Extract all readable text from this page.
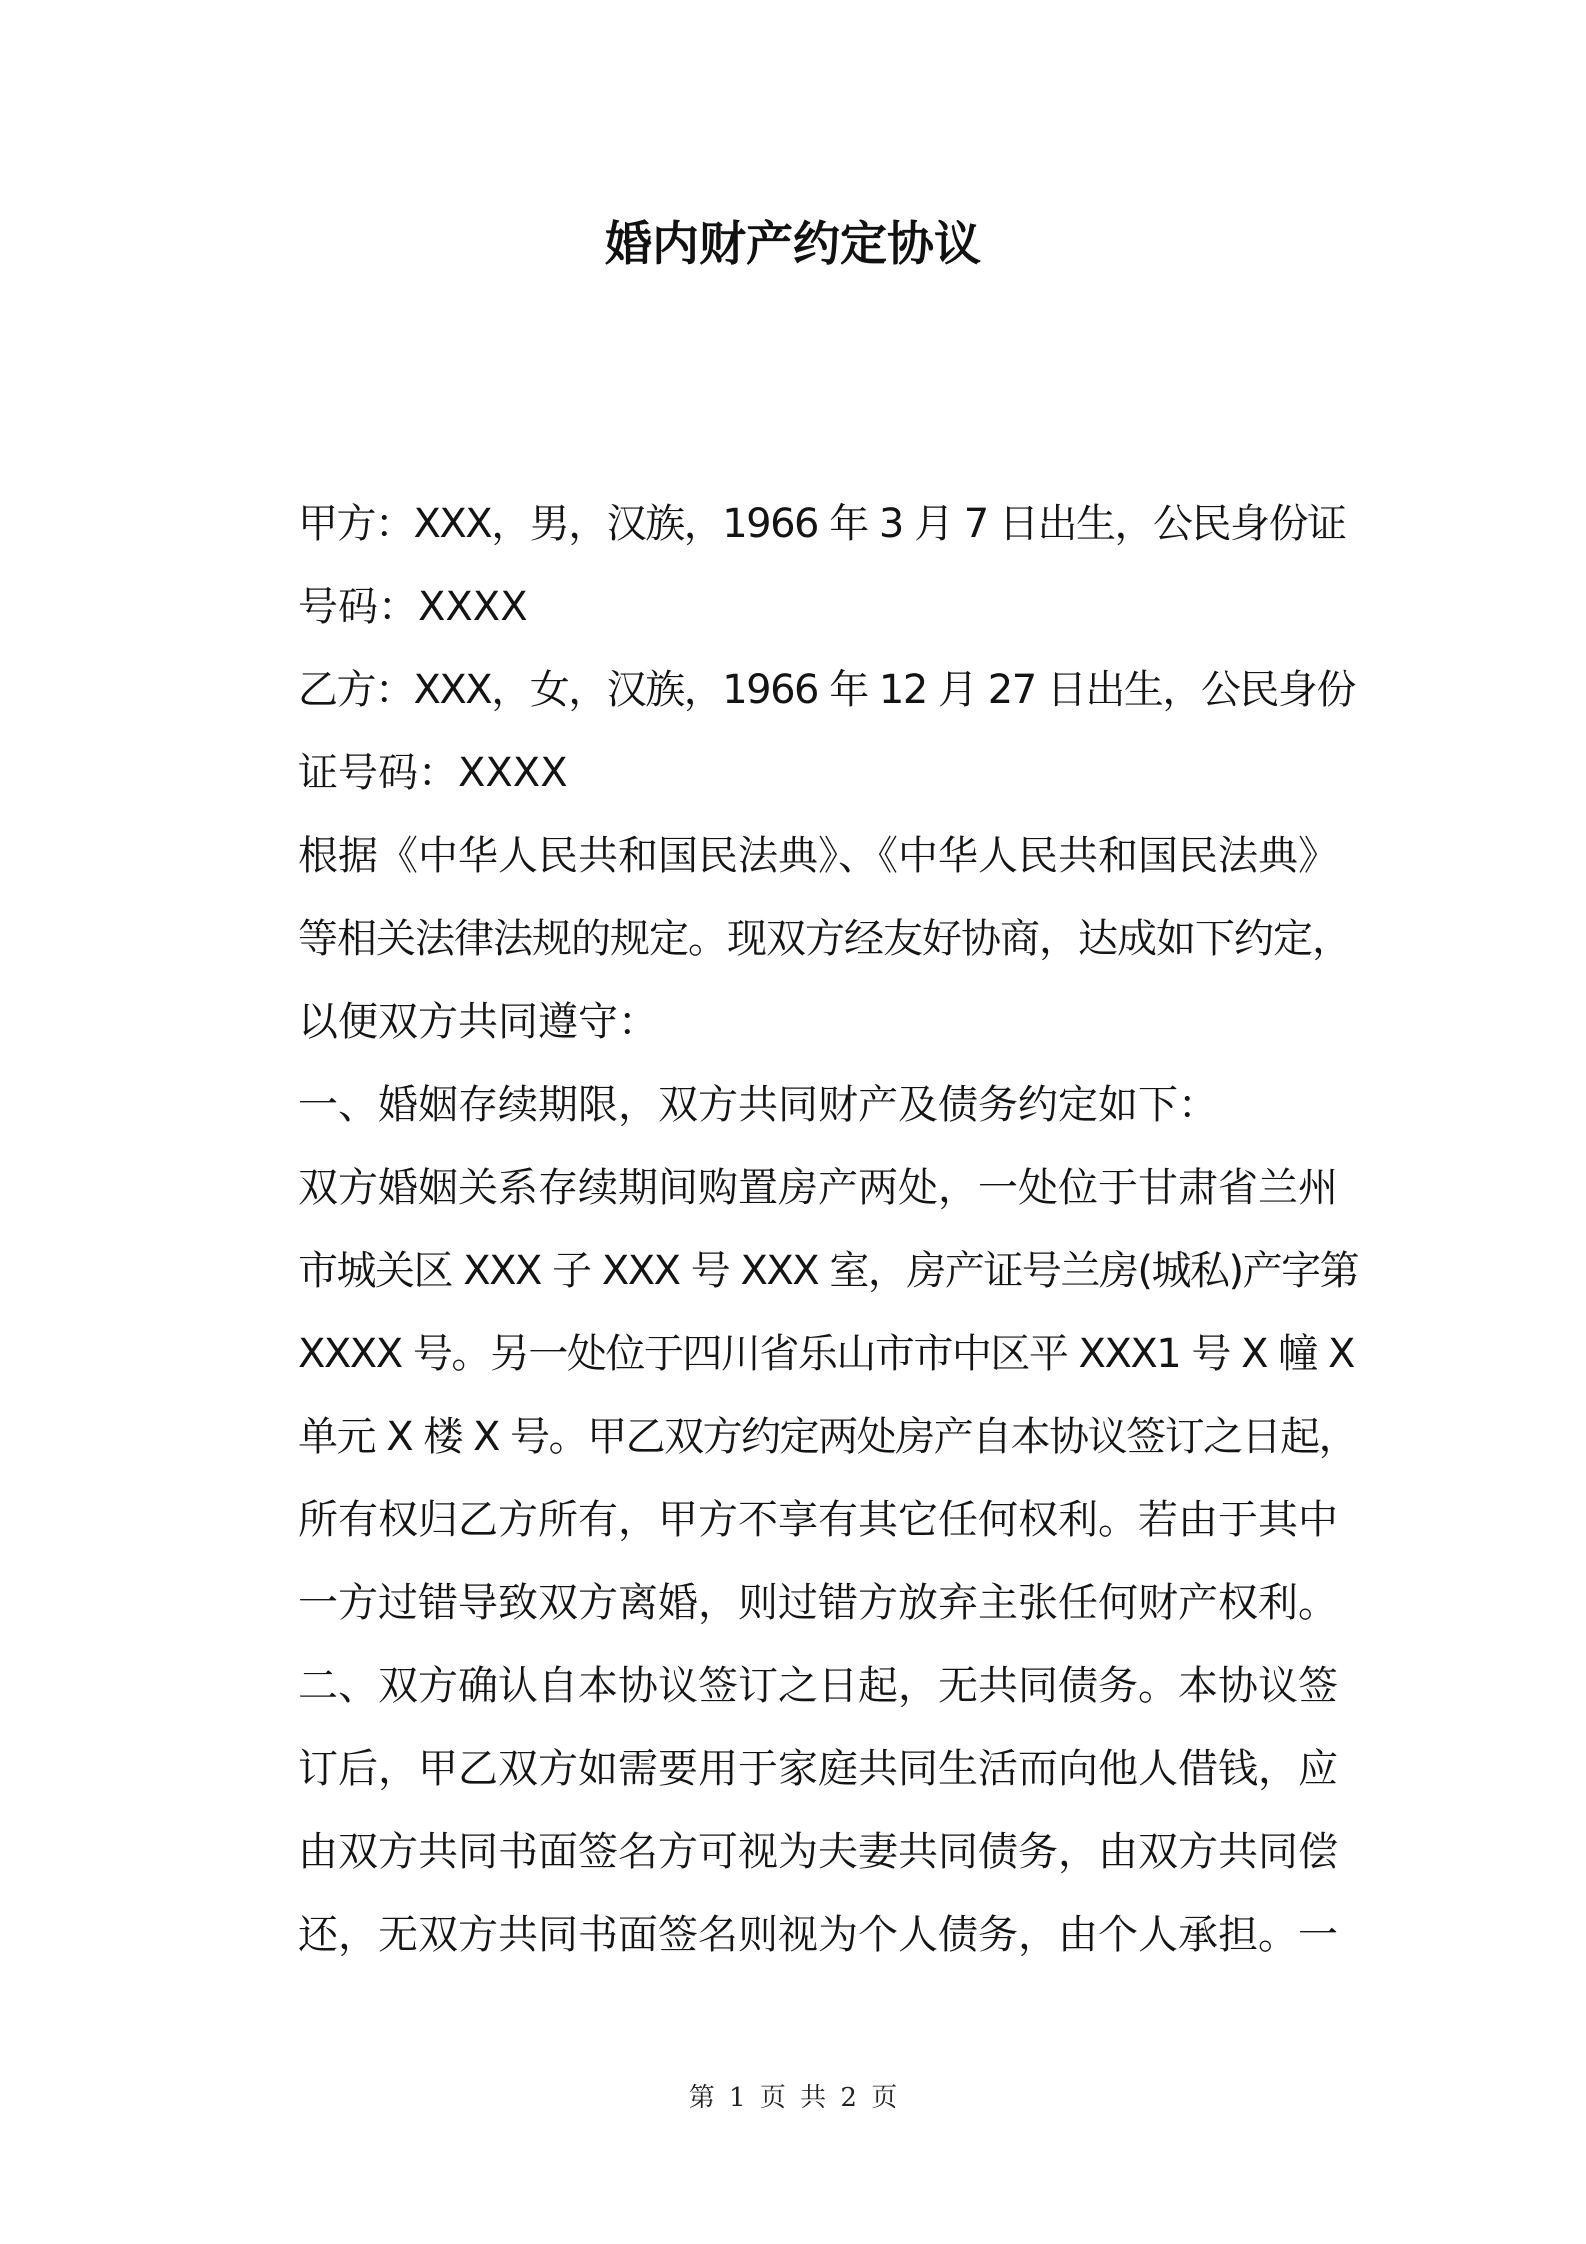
婚内财产约定协议
甲方：XXX，男，汉族，1966 年 3 月 7 日出生，公民身份证
号码：XXXX
乙方：XXX，女，汉族，1966 年 12 月 27 日出生，公民身份
证号码：XXXX
根据《中华人民共和国民法典》、《中华人民共和国民法典》
等相关法律法规的规定。现双方经友好协商，达成如下约定，
以便双方共同遵守：
一、婚姻存续期限，双方共同财产及债务约定如下：
双方婚姻关系存续期间购置房产两处，一处位于甘肃省兰州
市城关区 XXX 子 XXX 号 XXX 室，房产证号兰房(城私)产字第
XXXX 号。另一处位于四川省乐山市市中区平 XXX1 号 X 幢 X
单元 X 楼 X 号。甲乙双方约定两处房产自本协议签订之日起，
所有权归乙方所有，甲方不享有其它任何权利。若由于其中
一方过错导致双方离婚，则过错方放弃主张任何财产权利。
二、双方确认自本协议签订之日起，无共同债务。本协议签
订后，甲乙双方如需要用于家庭共同生活而向他人借钱，应
由双方共同书面签名方可视为夫妻共同债务，由双方共同偿
还，无双方共同书面签名则视为个人债务，由个人承担。一
第 1 页 共 2 页
